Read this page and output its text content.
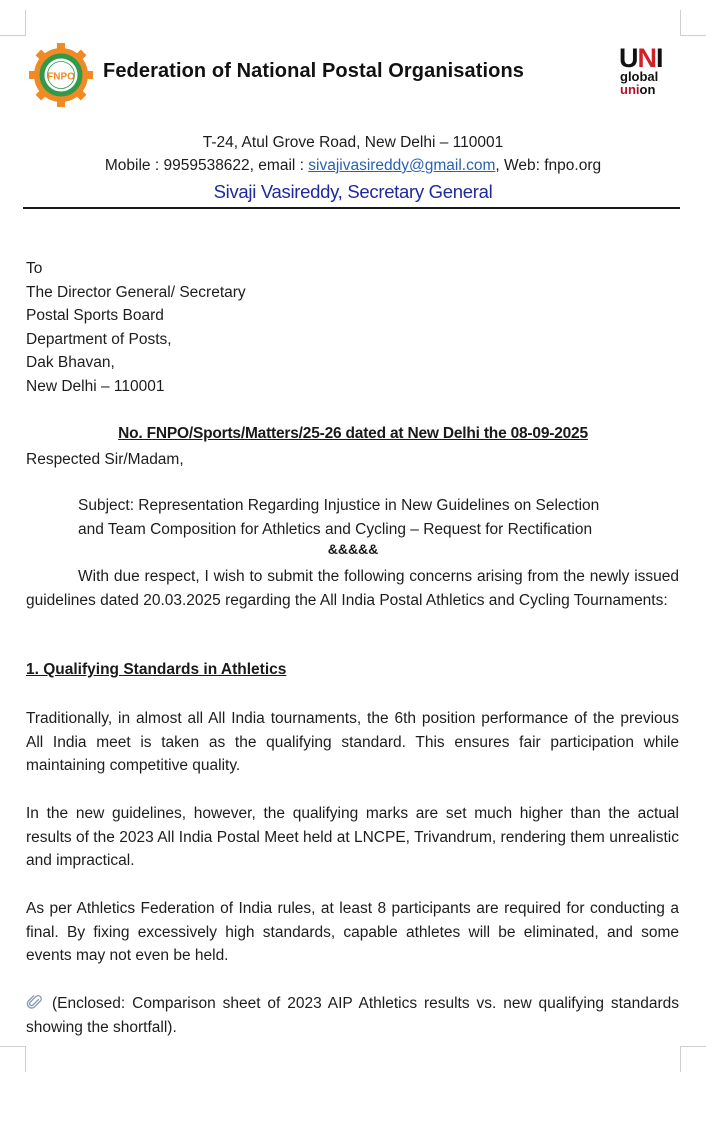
FNPO Federation of National Postal Organisations	UNI
global
union
T-24, Atul Grove Road, New Delhi – 110001
Mobile : 9959538622, email : sivajivasireddy@gmail.com, Web: fnpo.org
Sivaji Vasireddy, Secretary General
To
The Director General/ Secretary
Postal Sports Board
Department of Posts,
Dak Bhavan,
New Delhi – 110001
No. FNPO/Sports/Matters/25-26 dated at New Delhi the 08-09-2025
Respected Sir/Madam,
Subject: Representation Regarding Injustice in New Guidelines on Selection
and Team Composition for Athletics and Cycling – Request for Rectification
&&&&&
With due respect, I wish to submit the following concerns arising from the newly issued guidelines dated 20.03.2025 regarding the All India Postal Athletics and Cycling Tournaments:
1. Qualifying Standards in Athletics
Traditionally, in almost all All India tournaments, the 6th position performance of the previous All India meet is taken as the qualifying standard. This ensures fair participation while maintaining competitive quality.
In the new guidelines, however, the qualifying marks are set much higher than the actual results of the 2023 All India Postal Meet held at LNCPE, Trivandrum, rendering them unrealistic and impractical.
As per Athletics Federation of India rules, at least 8 participants are required for conducting a final. By fixing excessively high standards, capable athletes will be eliminated, and some events may not even be held.
(Enclosed: Comparison sheet of 2023 AIP Athletics results vs. new qualifying standards showing the shortfall).
